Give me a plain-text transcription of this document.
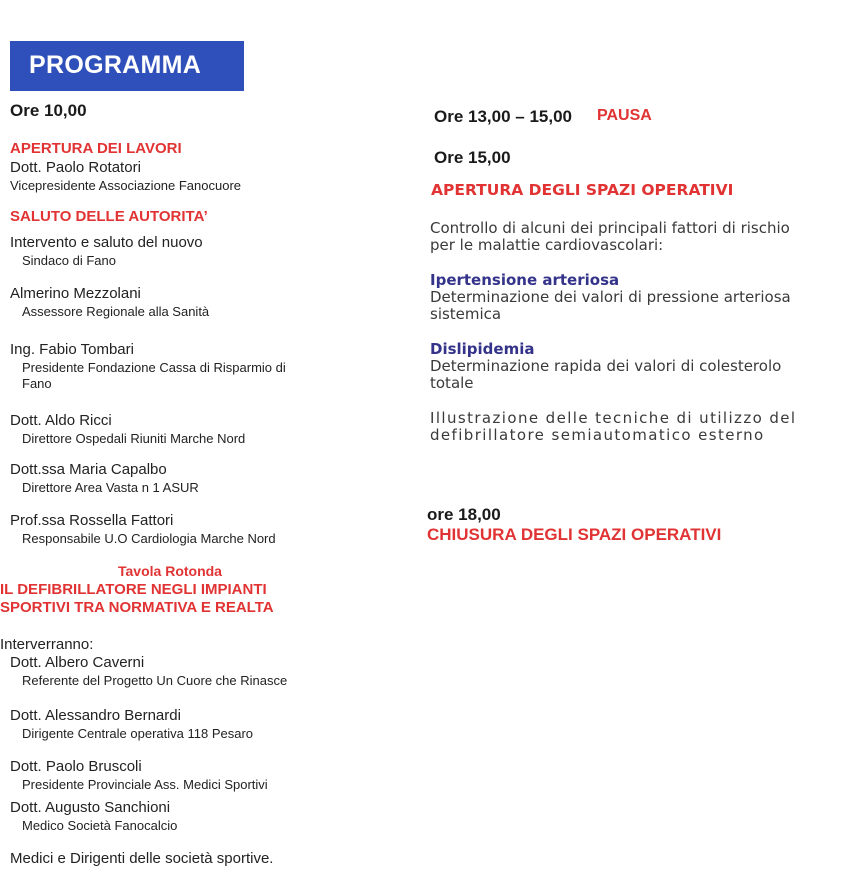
PROGRAMMA
Ore 10,00
APERTURA DEI LAVORI
Dott. Paolo Rotatori
Vicepresidente Associazione Fanocuore
SALUTO DELLE AUTORITA’
Intervento e saluto del nuovo
Sindaco di Fano
Almerino Mezzolani
Assessore Regionale alla Sanità
Ing. Fabio Tombari
Presidente Fondazione Cassa di Risparmio di
Fano
Dott. Aldo Ricci
Direttore Ospedali Riuniti Marche Nord
Dott.ssa Maria Capalbo
Direttore Area Vasta n 1 ASUR
Prof.ssa Rossella Fattori
Responsabile U.O Cardiologia Marche Nord
Tavola Rotonda
IL DEFIBRILLATORE NEGLI IMPIANTI
SPORTIVI TRA NORMATIVA E REALTA
Interverranno:
Dott. Albero Caverni
Referente del Progetto Un Cuore che Rinasce
Dott. Alessandro Bernardi
Dirigente Centrale operativa 118 Pesaro
Dott. Paolo Bruscoli
Presidente Provinciale Ass. Medici Sportivi
Dott. Augusto Sanchioni
Medico Società Fanocalcio
Medici e Dirigenti delle società sportive.
Ore 13,00 – 15,00 PAUSA
Ore 15,00
APERTURA DEGLI SPAZI OPERATIVI
Controllo di alcuni dei principali fattori di rischio
per le malattie cardiovascolari:
Ipertensione arteriosa
Determinazione dei valori di pressione arteriosa
sistemica
Dislipidemia
Determinazione rapida dei valori di colesterolo
totale
Illustrazione delle tecniche di utilizzo del
defibrillatore semiautomatico esterno
ore 18,00
CHIUSURA DEGLI SPAZI OPERATIVI
